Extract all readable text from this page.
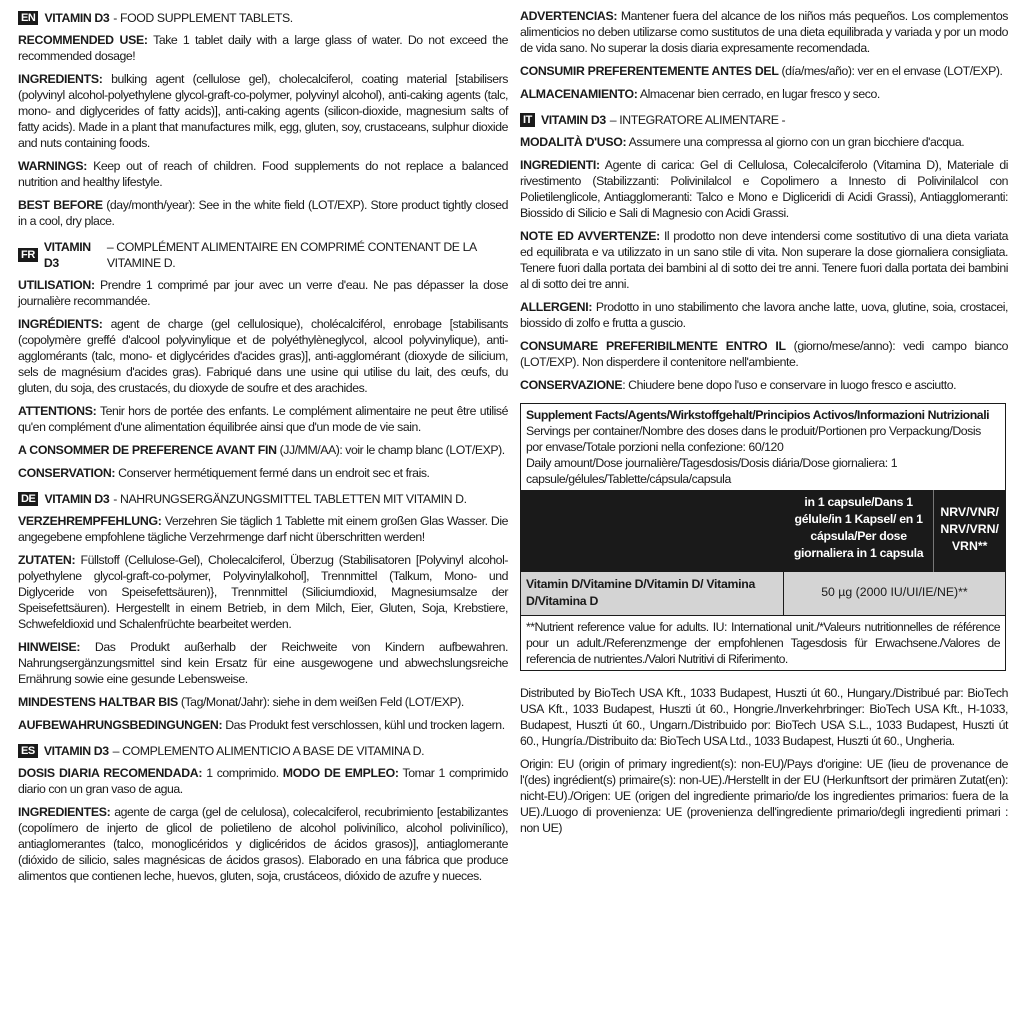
EN VITAMIN D3 - FOOD SUPPLEMENT TABLETS.

RECOMMENDED USE: Take 1 tablet daily with a large glass of water. Do not exceed the recommended dosage!

INGREDIENTS: bulking agent (cellulose gel), cholecalciferol, coating material [stabilisers (polyvinyl alcohol-polyethylene glycol-graft-co-polymer, polyvinyl alcohol), anti-caking agents (talc, mono- and diglycerides of fatty acids)], anti-caking agents (silicon-dioxide, magnesium salts of fatty acids). Made in a plant that manufactures milk, egg, gluten, soy, crustaceans, sulphur dioxide and nuts containing foods.

WARNINGS: Keep out of reach of children. Food supplements do not replace a balanced nutrition and healthy lifestyle.

BEST BEFORE (day/month/year): See in the white field (LOT/EXP). Store product tightly closed in a cool, dry place.

FR
VITAMIN D3
– COMPLÉMENT ALIMENTAIRE EN COMPRIMÉ CONTENANT DE LA VITAMINE D.

UTILISATION: Prendre 1 comprimé par jour avec un verre d'eau. Ne pas dépasser la dose journalière recommandée.

INGRÉDIENTS: agent de charge (gel cellulosique), cholécalciférol, enrobage [stabilisants (copolymère greffé d'alcool polyvinylique et de polyéthylèneglycol, alcool polyvinylique), anti-agglomérants (talc, mono- et diglycérides d'acides gras)], anti-agglomérant (dioxyde de silicium, sels de magnésium d'acides gras). Fabriqué dans une usine qui utilise du lait, des œufs, du gluten, du soja, des crustacés, du dioxyde de soufre et des arachides.

ATTENTIONS: Tenir hors de portée des enfants. Le complément alimentaire ne peut être utilisé qu'en complément d'une alimentation équilibrée ainsi que d'un mode de vie sain.

A CONSOMMER DE PREFERENCE AVANT FIN (JJ/MM/AA): voir le champ blanc (LOT/EXP).

CONSERVATION: Conserver hermétiquement fermé dans un endroit sec et frais.

DE VITAMIN D3 - NAHRUNGSERGÄNZUNGSMITTEL TABLETTEN MIT VITAMIN D.

VERZEHREMPFEHLUNG: Verzehren Sie täglich 1 Tablette mit einem großen Glas Wasser. Die angegebene empfohlene tägliche Verzehrmenge darf nicht überschritten werden!

ZUTATEN: Füllstoff (Cellulose-Gel), Cholecalciferol, Überzug (Stabilisatoren [Polyvinyl alcohol-polyethylene glycol-graft-co-polymer, Polyvinylalkohol], Trennmittel (Talkum, Mono- und Diglyceride von Speisefettsäuren)}, Trennmittel (Siliciumdioxid, Magnesiumsalze der Speisefettsäuren). Hergestellt in einem Betrieb, in dem Milch, Eier, Gluten, Soja, Krebstiere, Schwefeldioxid und Schalenfrüchte bearbeitet werden.

HINWEISE: Das Produkt außerhalb der Reichweite von Kindern aufbewahren. Nahrungsergänzungsmittel sind kein Ersatz für eine ausgewogene und abwechslungsreiche Ernährung sowie eine gesunde Lebensweise.

MINDESTENS HALTBAR BIS (Tag/Monat/Jahr): siehe in dem weißen Feld (LOT/EXP).

AUFBEWAHRUNGSBEDINGUNGEN: Das Produkt fest verschlossen, kühl und trocken lagern.

ES VITAMIN D3 – COMPLEMENTO ALIMENTICIO A BASE DE VITAMINA D.

DOSIS DIARIA RECOMENDADA: 1 comprimido. MODO DE EMPLEO: Tomar 1 comprimido diario con un gran vaso de agua.

INGREDIENTES: agente de carga (gel de celulosa), colecalciferol, recubrimiento [estabilizantes (copolímero de injerto de glicol de polietileno de alcohol polivinílico, alcohol polivinílico), antiaglomerantes (talco, monoglicéridos y diglicéridos de ácidos grasos)], antiaglomerante (dióxido de silicio, sales magnésicas de ácidos grasos). Elaborado en una fábrica que produce alimentos que contienen leche, huevos, gluten, soja, crustáceos, dióxido de azufre y nueces.

ADVERTENCIAS: Mantener fuera del alcance de los niños más pequeños. Los complementos alimenticios no deben utilizarse como sustitutos de una dieta equilibrada y variada y por un modo de vida sano. No superar la dosis diaria expresamente recomendada.

CONSUMIR PREFERENTEMENTE ANTES DEL (día/mes/año): ver en el envase (LOT/EXP).

ALMACENAMIENTO: Almacenar bien cerrado, en lugar fresco y seco.

IT VITAMIN D3 – INTEGRATORE ALIMENTARE -

MODALITÀ D'USO: Assumere una compressa al giorno con un gran bicchiere d'acqua.

INGREDIENTI: Agente di carica: Gel di Cellulosa, Colecalciferolo (Vitamina D), Materiale di rivestimento (Stabilizzanti: Polivinilalcol e Copolimero a Innesto di Polivinilalcol con Polietilenglicole, Antiagglomeranti: Talco e Mono e Digliceridi di Acidi Grassi), Antiagglomeranti: Biossido di Silicio e Sali di Magnesio con Acidi Grassi.

NOTE ED AVVERTENZE: Il prodotto non deve intendersi come sostitutivo di una dieta variata ed equilibrata e va utilizzato in un sano stile di vita. Non superare la dose giornaliera consigliata. Tenere fuori dalla portata dei bambini al di sotto dei tre anni. Tenere fuori dalla portata dei bambini al di sotto dei tre anni.

ALLERGENI: Prodotto in uno stabilimento che lavora anche latte, uova, glutine, soia, crostacei, biossido di zolfo e frutta a guscio.

CONSUMARE PREFERIBILMENTE ENTRO IL (giorno/mese/anno): vedi campo bianco (LOT/EXP). Non disperdere il contenitore nell'ambiente.

CONSERVAZIONE: Chiudere bene dopo l'uso e conservare in luogo fresco e asciutto.

Supplement Facts/Agents/Wirkstoffgehalt/Principios Activos/Informazioni Nutrizionali
Servings per container/Nombre des doses dans le produit/Portionen pro Verpackung/Dosis por envase/Totale porzioni nella confezione: 60/120
Daily amount/Dose journalière/Tagesdosis/Dosis diária/Dose giornaliera: 1 capsule/gélules/Tablette/cápsula/capsula
in 1 capsule/Dans 1 gélule/in 1 Kapsel/ en 1 cápsula/Per dose giornaliera in 1 capsula
NRV/VNR/ NRV/VRN/ VRN**
Vitamin D/Vitamine D/Vitamin D/ Vitamina D/Vitamina D
50 µg (2000 IU/UI/IE/NE)**
**Nutrient reference value for adults. IU: International unit./*Valeurs nutritionnelles de référence pour un adult./Referenzmenge der empfohlenen Tagesdosis für Erwachsene./Valores de referencia de nutrientes./Valori Nutritivi di Riferimento.

Distributed by BioTech USA Kft., 1033 Budapest, Huszti út 60., Hungary./Distribué par: BioTech USA Kft., 1033 Budapest, Huszti út 60., Hongrie./Inverkehrbringer: BioTech USA Kft., H-1033, Budapest, Huszti út 60., Ungarn./Distribuido por: BioTech USA S.L., 1033 Budapest, Huszti út 60., Hungría./Distribuito da: BioTech USA Ltd., 1033 Budapest, Huszti út 60., Ungheria.

Origin: EU (origin of primary ingredient(s): non-EU)/Pays d'origine: UE (lieu de provenance de l'(des) ingrédient(s) primaire(s): non-UE)./Herstellt in der EU (Herkunftsort der primären Zutat(en): nicht-EU)./Origen: UE (origen del ingrediente primario/de los ingredientes primarios: fuera de la UE)./Luogo di provenienza: UE (provenienza dell'ingrediente primario/degli ingredienti primari : non UE)
